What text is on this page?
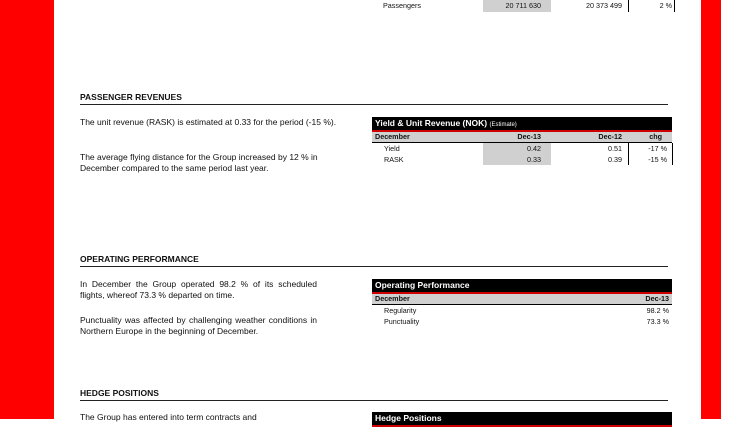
Passengers	20 711 630	20 373 499	2 %
PASSENGER REVENUES
The unit revenue (RASK) is estimated at 0.33 for the period (-15 %).
The average flying distance for the Group increased by 12 % in December compared to the same period last year.
Yield & Unit Revenue (NOK) (Estimate)
December	Dec-13	Dec-12	chg
Yield	0.42	0.51	-17 %
RASK	0.33	0.39	-15 %
OPERATING PERFORMANCE
In December the Group operated 98.2 % of its scheduled flights, whereof 73.3 % departed on time.
Punctuality was affected by challenging weather conditions in Northern Europe in the beginning of December.
Operating Performance
December	Dec-13
Regularity	98.2 %
Punctuality	73.3 %
HEDGE POSITIONS
The Group has entered into term contracts and	Hedge Positions
